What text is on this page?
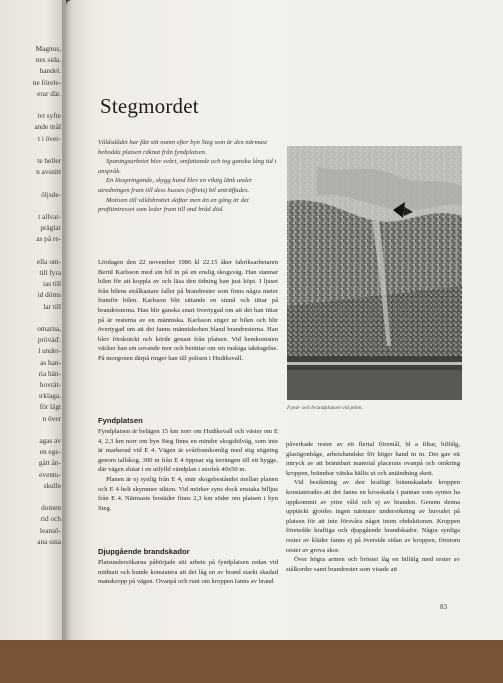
Magnus,
nes sida.
handel.
ne förele-
erar där.
ivt syfte
ande mål
t i över-
te heller
n avsnitt
öljsde-
t allvar-
präglar
as på re-
ella om-
till fyra
ias till
id döms
lar till
omarna,
pröváď.
l under-
as han-
ria hän-
hovrät-
ırklaga.
för lägt
n över
agas av
en ege-
gått ån-
eventu-
skulle
domen
rid och
leansö-
ana sina
Stegmordet

Våldsdådet har fått sitt namn efter byn Steg som är den närmast bebodda platsen räknat från fyndplatsen.

Spaningsarbetet blev svårt, omfattande och tog ganska lång tid i anspråk.

En lösspringande, skygg hund blev en viktig länk under utredningen fram till dess husses (offrets) bil anträffades.

Motiven till våldsbrottet skiftar men än en gång är det profitintresset som leder fram till ond bråd död.

Lördagen den 22 november 1986 kl 22.15 åker fabriksarbetaren Bertil Karlsson med sin bil in på en enslig skogsväg. Han stannar bilen för att koppla av och läsa den tidning han just köpt. I ljuset från bilens strålkastare faller på brandrester som finns några meter framför bilen. Karlsson blir sittande en stund och tittar på brandresterna. Han blir ganska snart övertygad om att det han tittar på är resterna av en människa. Karlsson stiger ur bilen och blir övertygad om att det fanns människoben bland brandresterna. Han blev förskräckt och körde genast från platsen. Vid hemkomsten väcker han sin sovande mor och berättar om sin ruskiga iakttagelse. På morgonen därpå ringer han till polisen i Hudiksvall.

Fyndplatsen

Fyndplatsen är belägen 15 km norr om Hudiksvall och väster om E 4, 2,3 km norr om byn Steg finns en mindre skogsbilväg, som inte är markerad vid E 4. Vägen är svårframkomlig med stig stigning genom tallskog. 300 m från E 4 öppnar sig terrängen till ett hygge, där vägen slutar i en utfylld vändplan i storlek 40x50 m.

Planen är ej synlig från E 4, enär skogsbeståndet mellan planen och E 4 helt skymmer sikten. Vid mörker syns dock enstaka billjus från E 4. Närmaste bostäder finns 2,3 km söder om platsen i byn Steg.

Djupgående brandskador

Platsundersökarna påbörjade sitt arbete på fyndplatsen redan vid midnatt och kunde konstatera att det låg en av brand starkt skadad manskropp på vägen. Ovanpå och runt om kroppen fanns av brand

Fynd- och brandplatsen vid pilen.

påverkade rester av ett flertal föremål, bl a filtar, bilfälg, glasögonbåge, arbetshandske för höger hand m m. Det gav ett intryck av att brännbart material placerats ovanpå och omkring kroppen, brännbar vätska hällts ut och antändning skett.

Vid besiktning av den kraftigt brännskadade kroppen konstaterades att det fanns en krosskada i pannan som syntes ha uppkommit av yttre våld och ej av branden. Genom denna upptäckt gjordes ingen närmare undersökning av huvudet på platsen för att inte försvåra något inom obduktionen. Kroppen företedde kraftiga och djupgående brandskador. Några synliga rester av kläder fanns ej på överside sidan av kroppen, förutom rester av grova skor.

Över högra armen och bröstet låg en bilfälg med rester av stålkorder samt brandrester som visade att

83
